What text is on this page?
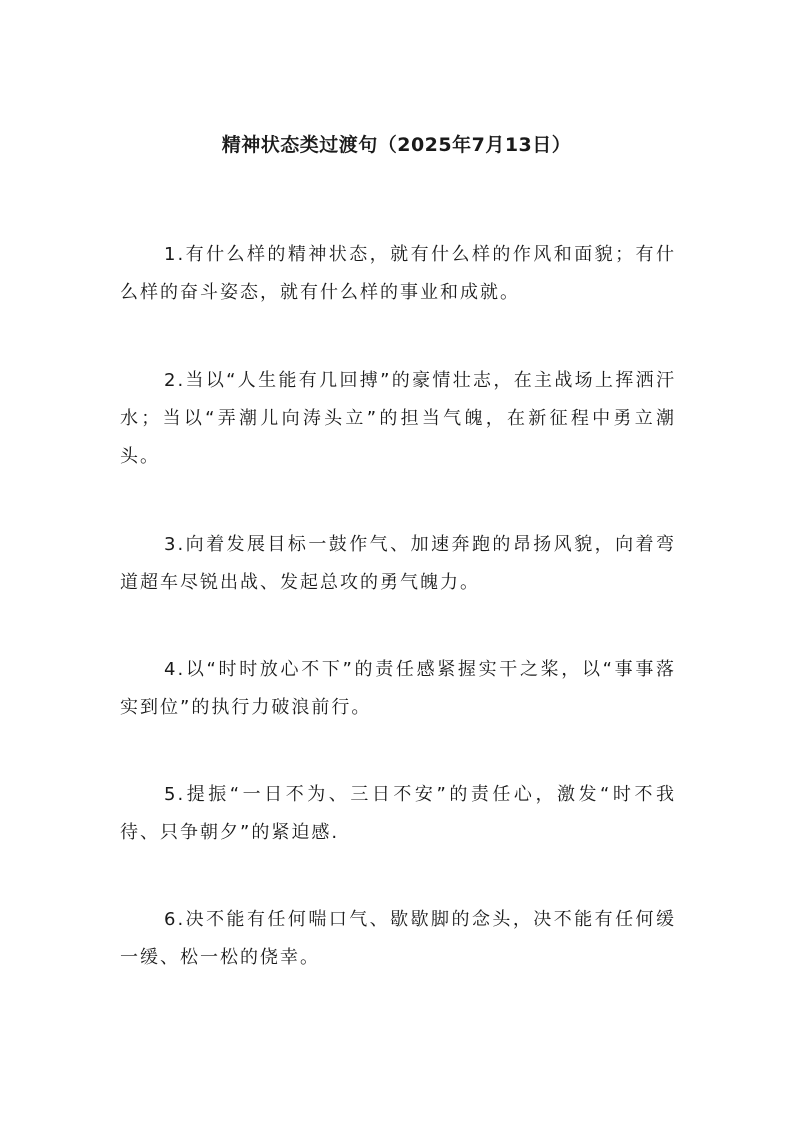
精神状态类过渡句（2025年7月13日）

1.有什么样的精神状态，就有什么样的作风和面貌；有什么样的奋斗姿态，就有什么样的事业和成就。

2.当以“人生能有几回搏”的豪情壮志，在主战场上挥洒汗水；当以“弄潮儿向涛头立”的担当气魄，在新征程中勇立潮头。

3.向着发展目标一鼓作气、加速奔跑的昂扬风貌，向着弯道超车尽锐出战、发起总攻的勇气魄力。

4.以“时时放心不下”的责任感紧握实干之桨，以“事事落实到位”的执行力破浪前行。

5.提振“一日不为、三日不安”的责任心，激发“时不我待、只争朝夕”的紧迫感.

6.决不能有任何喘口气、歇歇脚的念头，决不能有任何缓一缓、松一松的侥幸。
